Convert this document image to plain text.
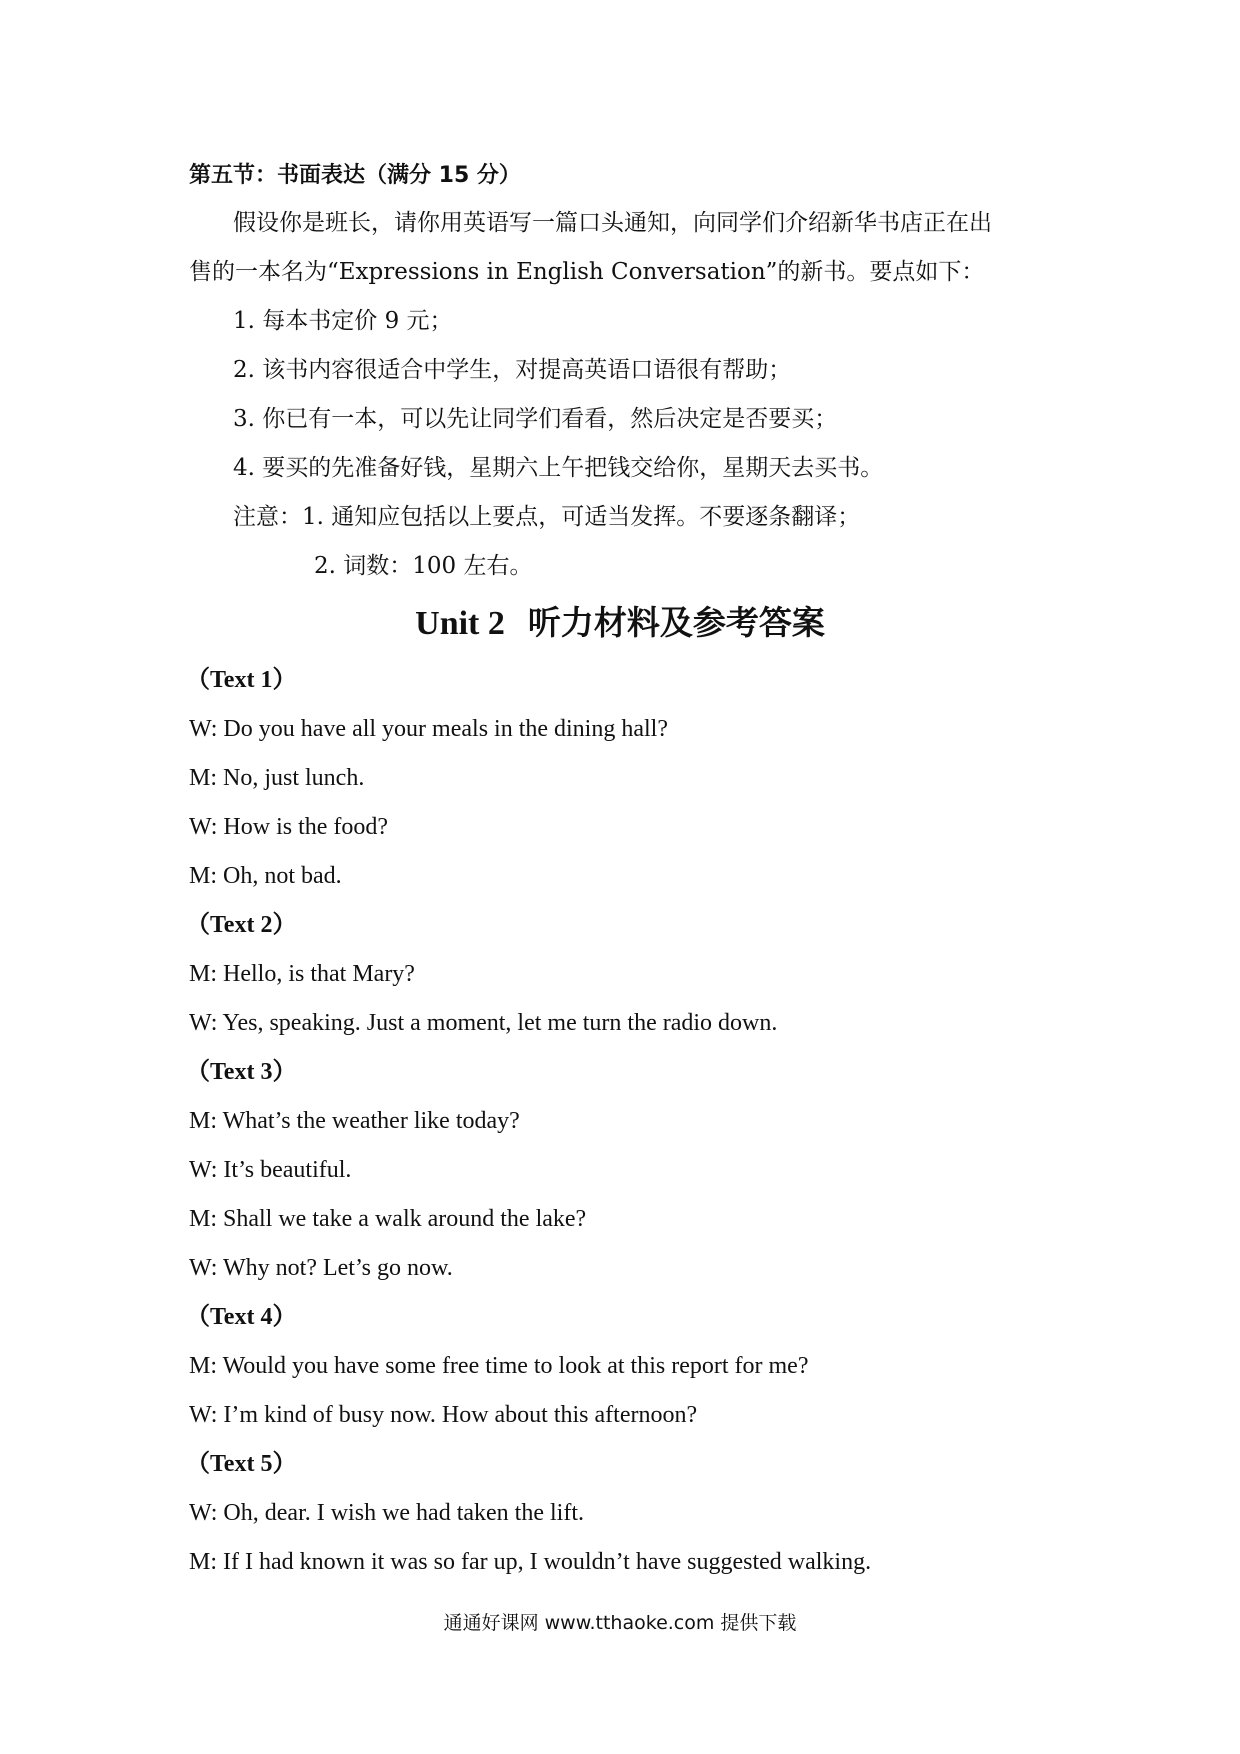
第五节：书面表达（满分 15 分）
假设你是班长，请你用英语写一篇口头通知，向同学们介绍新华书店正在出
售的一本名为“Expressions in English Conversation”的新书。要点如下：
1. 每本书定价 9 元；
2. 该书内容很适合中学生，对提高英语口语很有帮助；
3. 你已有一本，可以先让同学们看看，然后决定是否要买；
4. 要买的先准备好钱，星期六上午把钱交给你，星期天去买书。
注意：1. 通知应包括以上要点，可适当发挥。不要逐条翻译；
2. 词数：100 左右。
Unit 2 听力材料及参考答案
（Text 1）
W: Do you have all your meals in the dining hall?
M: No, just lunch.
W: How is the food?
M: Oh, not bad.
（Text 2）
M: Hello, is that Mary?
W: Yes, speaking. Just a moment, let me turn the radio down.
（Text 3）
M: What’s the weather like today?
W: It’s beautiful.
M: Shall we take a walk around the lake?
W: Why not? Let’s go now.
（Text 4）
M: Would you have some free time to look at this report for me?
W: I’m kind of busy now. How about this afternoon?
（Text 5）
W: Oh, dear. I wish we had taken the lift.
M: If I had known it was so far up, I wouldn’t have suggested walking.
通通好课网 www.tthaoke.com 提供下载
